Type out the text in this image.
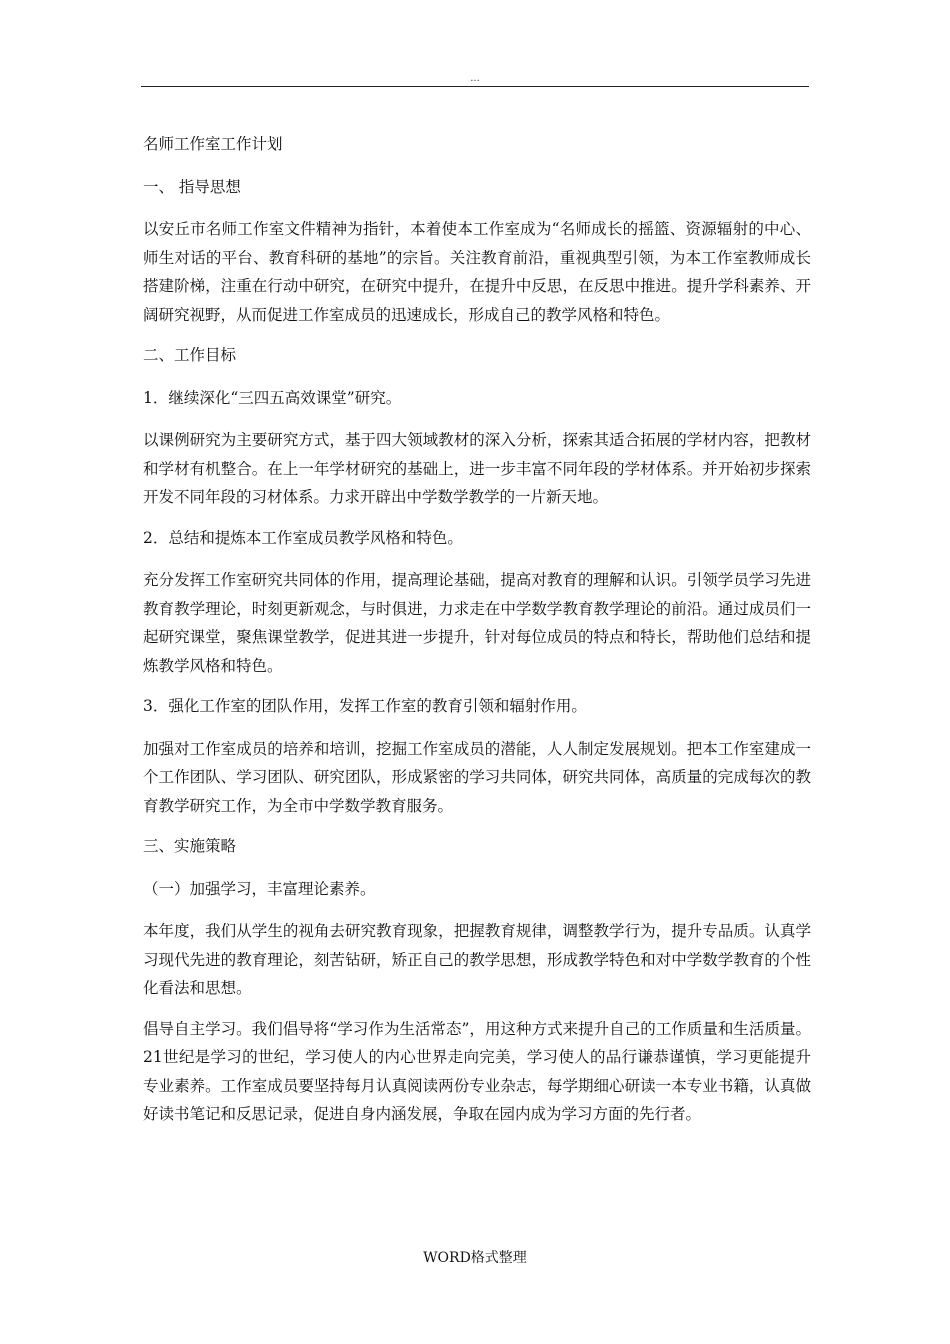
...

名师工作室工作计划

一、 指导思想

以安丘市名师工作室文件精神为指针，本着使本工作室成为“名师成长的摇篮、资源辐射的中心、师生对话的平台、教育科研的基地”的宗旨。关注教育前沿，重视典型引领，为本工作室教师成长搭建阶梯，注重在行动中研究，在研究中提升，在提升中反思，在反思中推进。提升学科素养、开阔研究视野，从而促进工作室成员的迅速成长，形成自己的教学风格和特色。

二、工作目标

1．继续深化“三四五高效课堂”研究。

以课例研究为主要研究方式，基于四大领域教材的深入分析，探索其适合拓展的学材内容，把教材和学材有机整合。在上一年学材研究的基础上，进一步丰富不同年段的学材体系。并开始初步探索开发不同年段的习材体系。力求开辟出中学数学教学的一片新天地。

2．总结和提炼本工作室成员教学风格和特色。

充分发挥工作室研究共同体的作用，提高理论基础，提高对教育的理解和认识。引领学员学习先进教育教学理论，时刻更新观念，与时俱进，力求走在中学数学教育教学理论的前沿。通过成员们一起研究课堂，聚焦课堂教学，促进其进一步提升，针对每位成员的特点和特长，帮助他们总结和提炼教学风格和特色。

3．强化工作室的团队作用，发挥工作室的教育引领和辐射作用。

加强对工作室成员的培养和培训，挖掘工作室成员的潜能，人人制定发展规划。把本工作室建成一个工作团队、学习团队、研究团队，形成紧密的学习共同体，研究共同体，高质量的完成每次的教育教学研究工作，为全市中学数学教育服务。

三、实施策略

（一）加强学习，丰富理论素养。

本年度，我们从学生的视角去研究教育现象，把握教育规律，调整教学行为，提升专品质。认真学习现代先进的教育理论，刻苦钻研，矫正自己的教学思想，形成教学特色和对中学数学教育的个性化看法和思想。

倡导自主学习。我们倡导将“学习作为生活常态”，用这种方式来提升自己的工作质量和生活质量。21世纪是学习的世纪，学习使人的内心世界走向完美，学习使人的品行谦恭谨慎，学习更能提升专业素养。工作室成员要坚持每月认真阅读两份专业杂志，每学期细心研读一本专业书籍，认真做好读书笔记和反思记录，促进自身内涵发展，争取在园内成为学习方面的先行者。

WORD格式整理
